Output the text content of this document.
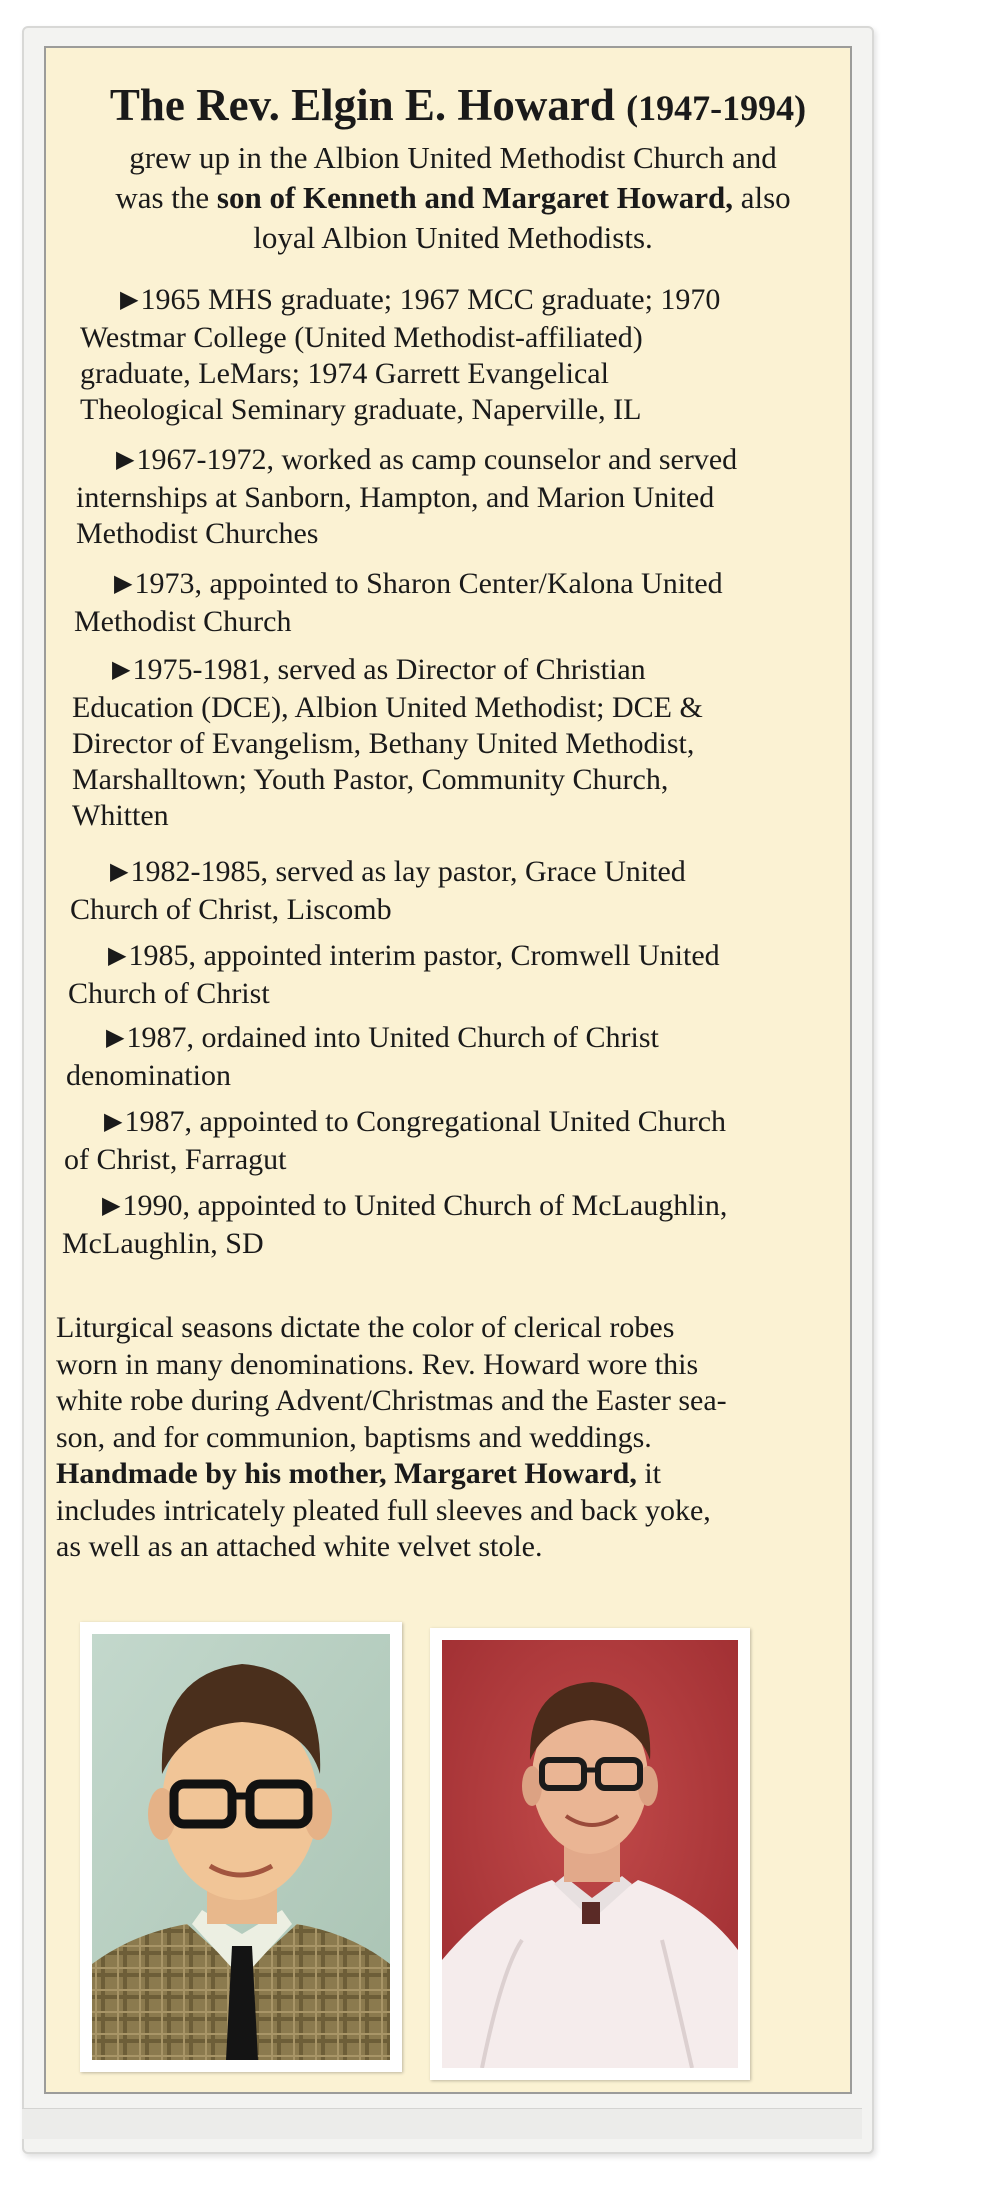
The Rev. Elgin E. Howard (1947-1994)
grew up in the Albion United Methodist Church and
was the son of Kenneth and Margaret Howard, also
loyal Albion United Methodists.
▶1965 MHS graduate; 1967 MCC graduate; 1970
Westmar College (United Methodist-affiliated)
graduate, LeMars; 1974 Garrett Evangelical
Theological Seminary graduate, Naperville, IL
▶1967-1972, worked as camp counselor and served
internships at Sanborn, Hampton, and Marion United
Methodist Churches
▶1973, appointed to Sharon Center/Kalona United
Methodist Church
▶1975-1981, served as Director of Christian
Education (DCE), Albion United Methodist; DCE &
Director of Evangelism, Bethany United Methodist,
Marshalltown; Youth Pastor, Community Church,
Whitten
▶1982-1985, served as lay pastor, Grace United
Church of Christ, Liscomb
▶1985, appointed interim pastor, Cromwell United
Church of Christ
▶1987, ordained into United Church of Christ
denomination
▶1987, appointed to Congregational United Church
of Christ, Farragut
▶1990, appointed to United Church of McLaughlin,
McLaughlin, SD
Liturgical seasons dictate the color of clerical robes
worn in many denominations. Rev. Howard wore this
white robe during Advent/Christmas and the Easter sea-
son, and for communion, baptisms and weddings.
Handmade by his mother, Margaret Howard, it
includes intricately pleated full sleeves and back yoke,
as well as an attached white velvet stole.
